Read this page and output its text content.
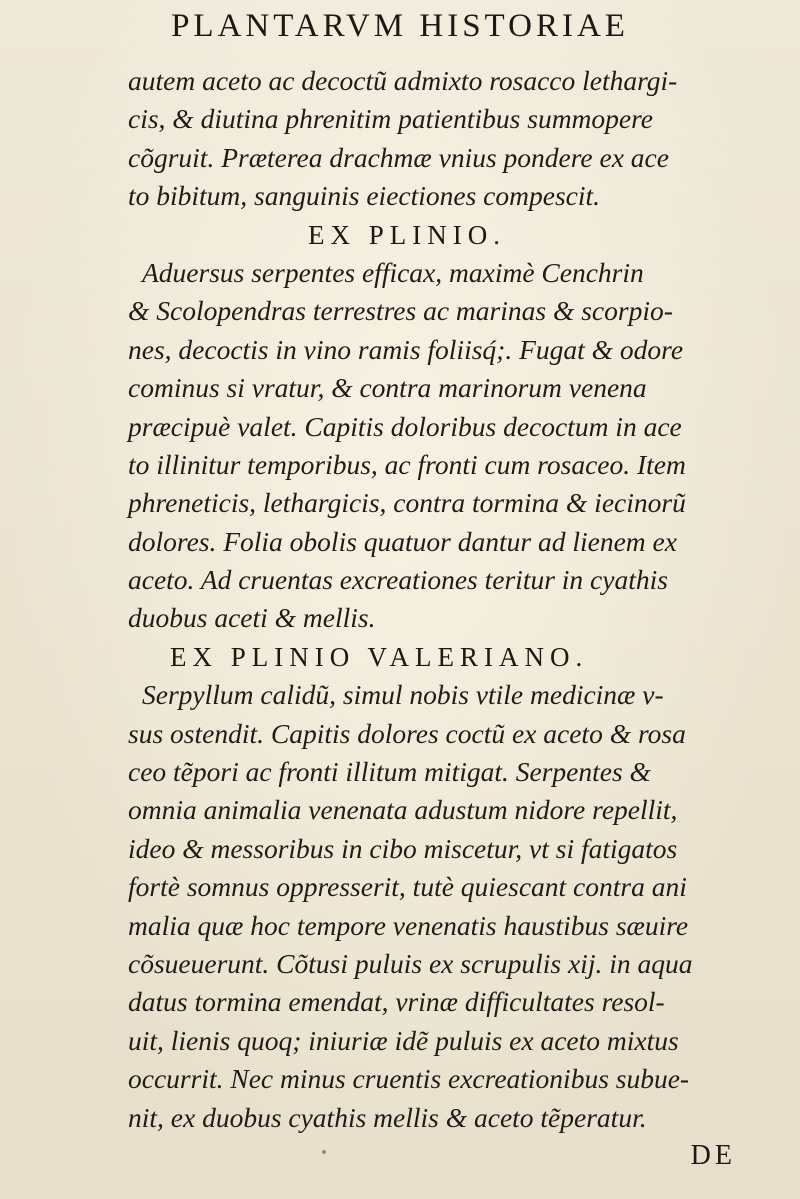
PLANTARVM HISTORIAE
autem aceto ac decoctũ admixto rosacco lethargi-
cis, & diutina phrenitim patientibus summopere
cõgruit. Præterea drachmæ vnius pondere ex ace
to bibitum, sanguinis eiectiones compescit.
EX PLINIO.
Aduersus serpentes efficax, maximè Cenchrin
& Scolopendras terrestres ac marinas & scorpio-
nes, decoctis in vino ramis foliisq́;. Fugat & odore
cominus si vratur, & contra marinorum venena
præcipuè valet. Capitis doloribus decoctum in ace
to illinitur temporibus, ac fronti cum rosaceo. Item
phreneticis, lethargicis, contra tormina & iecinorũ
dolores. Folia obolis quatuor dantur ad lienem ex
aceto. Ad cruentas excreationes teritur in cyathis
duobus aceti & mellis.
EX PLINIO VALERIANO.
Serpyllum calidũ, simul nobis vtile medicinæ v-
sus ostendit. Capitis dolores coctũ ex aceto & rosa
ceo tẽpori ac fronti illitum mitigat. Serpentes &
omnia animalia venenata adustum nidore repellit,
ideo & messoribus in cibo miscetur, vt si fatigatos
fortè somnus oppresserit, tutè quiescant contra ani
malia quæ hoc tempore venenatis haustibus sæuire
cõsueuerunt. Cõtusi puluis ex scrupulis xij. in aqua
datus tormina emendat, vrinæ difficultates resol-
uit, lienis quoq; iniuriæ idẽ puluis ex aceto mixtus
occurrit. Nec minus cruentis excreationibus subue-
nit, ex duobus cyathis mellis & aceto tẽperatur.
DE
